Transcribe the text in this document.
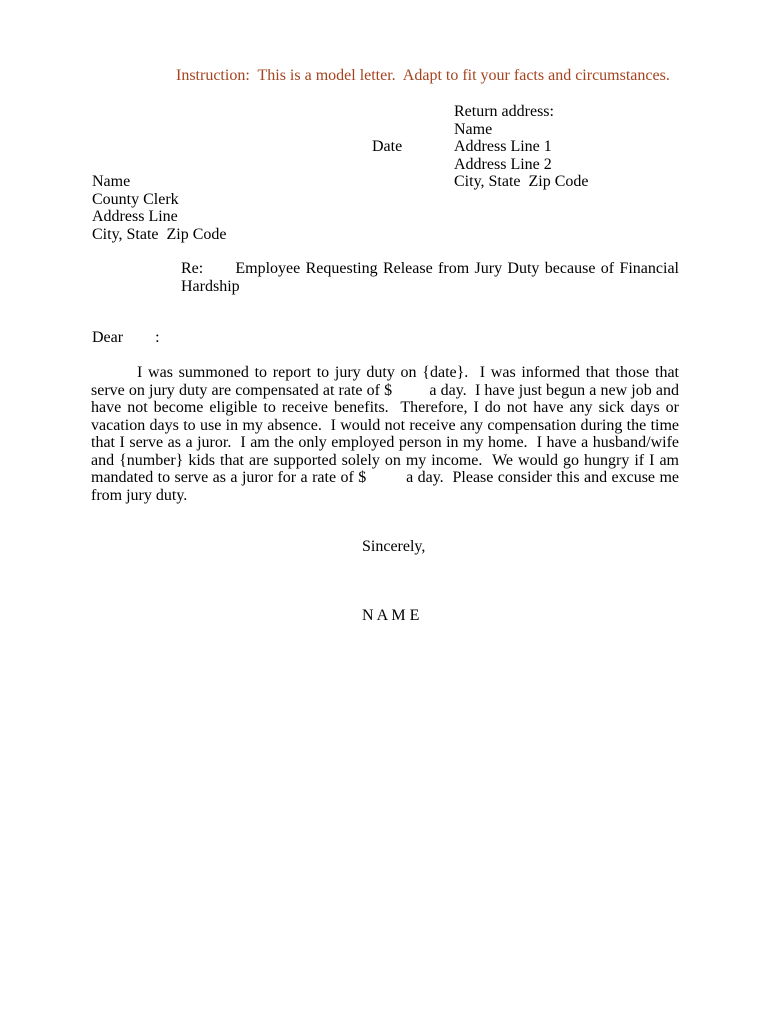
Instruction:  This is a model letter.  Adapt to fit your facts and circumstances.
Return address:
Name
Address Line 1
Address Line 2
City, State  Zip Code
Date
Name
County Clerk
Address Line
City, State  Zip Code
Re:      Employee Requesting Release from Jury Duty because of Financial Hardship
Dear        :
I was summoned to report to jury duty on {date}.  I was informed that those that serve on jury duty are compensated at rate of $         a day.  I have just begun a new job and have not become eligible to receive benefits.  Therefore, I do not have any sick days or vacation days to use in my absence.  I would not receive any compensation during the time that I serve as a juror.  I am the only employed person in my home.  I have a husband/wife and {number} kids that are supported solely on my income.  We would go hungry if I am mandated to serve as a juror for a rate of $         a day.  Please consider this and excuse me from jury duty.
Sincerely,
N A M E
